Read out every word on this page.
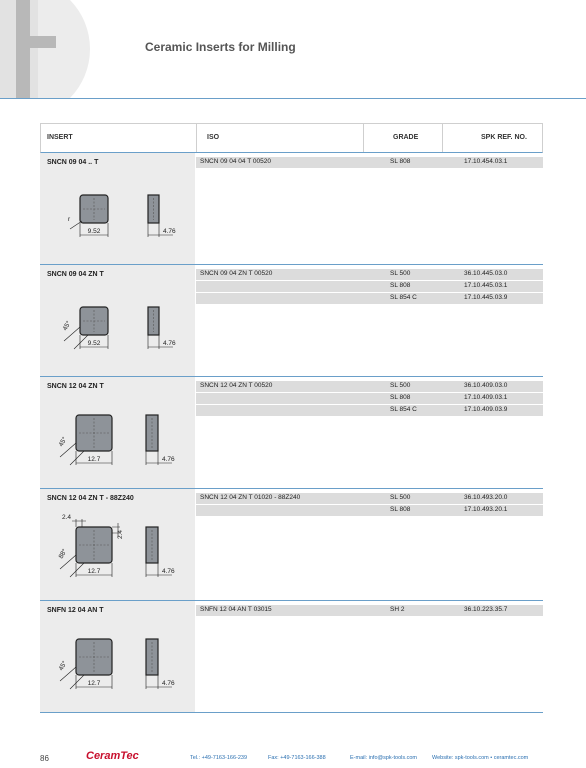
Ceramic Inserts for Milling
INSERT	ISO	GRADE	SPK REF. NO.
SNCN 09 04 .. T
9.52	4.76
r
SNCN 09 04 04 T 00520	SL 808	17.10.454.03.1
SNCN 09 04 ZN T
9.52	4.76
45°
SNCN 09 04 ZN T 00520	SL 500	36.10.445.03.0
SL 808	17.10.445.03.1
SL 854 C	17.10.445.03.9
SNCN 12 04 ZN T
12.7	4.76
45°
SNCN 12 04 ZN T 00520	SL 500	36.10.409.03.0
SL 808	17.10.409.03.1
SL 854 C	17.10.409.03.9
SNCN 12 04 ZN T - 88Z240
12.7	4.76
88°
2.4
2.4
SNCN 12 04 ZN T 01020 - 88Z240	SL 500	36.10.493.20.0
SL 808	17.10.493.20.1
SNFN 12 04 AN T
12.7	4.76
45°
SNFN 12 04 AN T 03015	SH 2	36.10.223.35.7
86	CeramTec	Tel.: +49-7163-166-239	Fax: +49-7163-166-388	E-mail: info@spk-tools.com	Website: spk-tools.com • ceramtec.com
